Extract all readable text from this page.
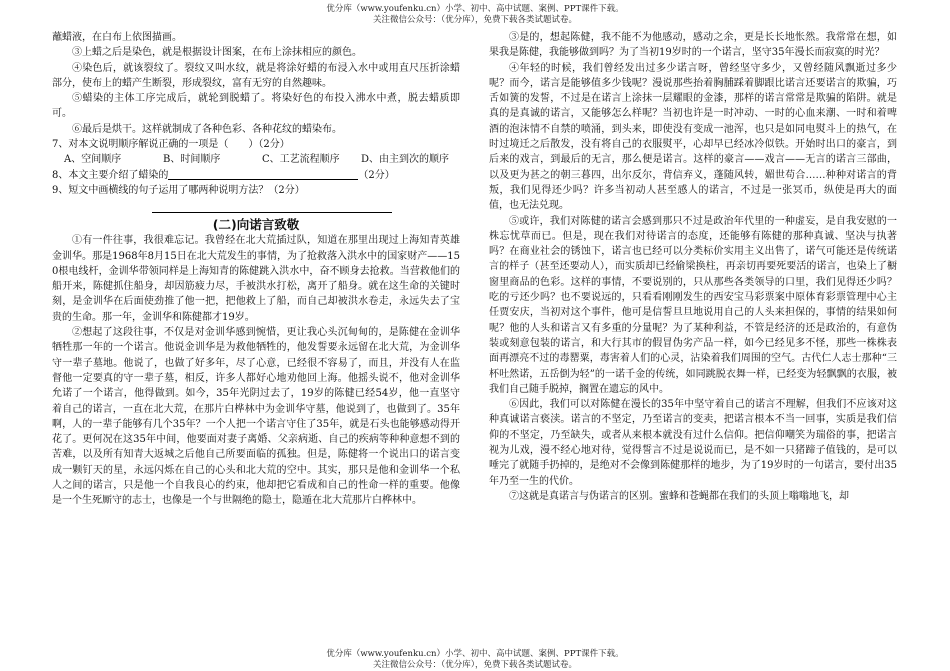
优分库（www.youfenku.cn）小学、初中、高中试题、案例、PPT课件下载。
关注微信公众号：（优分库），免费下载各类试题试卷。

蘸蜡液，在白布上依图描画。

③上蜡之后是染色，就是根据设计图案，在布上涂抹相应的颜色。

④染色后，就该裂纹了。裂纹又叫水纹，就是将涂好蜡的布浸入水中或用直尺压折涂蜡部分，使布上的蜡产生断裂，形成裂纹，富有无穷的自然趣味。

⑤蜡染的主体工序完成后，就轮到脱蜡了。将染好色的布投入沸水中煮，脱去蜡质即可。

⑥最后是烘干。这样就制成了各种色彩、各种花纹的蜡染布。

7、对本文说明顺序解说正确的一项是（　　）（2分）

A、空间顺序	B、时间顺序	C、工艺流程顺序	D、由主到次的顺序

8、本文主要介绍了蜡染的	（2分）

9、短文中画横线的句子运用了哪两种说明方法？（2分）

(二)向诺言致敬

①有一件往事，我很难忘记。我曾经在北大荒插过队，知道在那里出现过上海知青英雄金训华。那是1968年8月15日在北大荒发生的事情，为了抢救落入洪水中的国家财产——150根电线杆，金训华带领同样是上海知青的陈健跳入洪水中，奋不顾身去抢救。当营救他们的船开来，陈健抓住船身，却因筋疲力尽，手被洪水打松，离开了船身。就在这生命的关键时刻，是金训华在后面使劲推了他一把，把他救上了船，而自己却被洪水卷走，永远失去了宝贵的生命。那一年，金训华和陈健都才19岁。

②想起了这段往事，不仅是对金训华感到惋惜，更让我心头沉甸甸的，是陈健在金训华牺牲那一年的一个诺言。他说金训华是为救他牺牲的，他发誓要永远留在北大荒，为金训华守一辈子墓地。他说了，也做了好多年，尽了心意，已经很不容易了，而且，并没有人在监督他一定要真的守一辈子墓，相反，许多人都好心地劝他回上海。他摇头说不，他对金训华允诺了一个诺言，他得做到。如今，35年光阴过去了，19岁的陈健已经54岁，他一直坚守着自己的诺言，一直在北大荒，在那片白桦林中为金训华守墓，他说到了，也做到了。35年啊，人的一辈子能够有几个35年？一个人把一个诺言守住了35年，就是石头也能够感动得开花了。更何况在这35年中间，他要面对妻子离婚、父亲病逝、自己的疾病等种种意想不到的苦难，以及所有知青大返城之后他自己所要面临的孤独。但是，陈健将一个说出口的诺言变成一颗钉天的星，永远闪烁在自己的心头和北大荒的空中。其实，那只是他和金训华一个私人之间的诺言，只是他一个自我良心的约束，他却把它看成和自己的性命一样的重要。他像是一个生死厮守的志士，也像是一个与世隔绝的隐士，隐遁在北大荒那片白桦林中。

③是的，想起陈健，我不能不为他感动，感动之余，更是长长地怅然。我常常在想，如果我是陈健，我能够做到吗？为了当初19岁时的一个诺言，坚守35年漫长而寂寞的时光？

④年轻的时候，我们曾经发出过多少诺言呀，曾经坚守多少，又曾经随风飘逝过多少呢？而今，诺言是能够值多少钱呢？漫说那些抬着胸脯踩着脚跟比诺言还要诺言的欺骗，巧舌如簧的发誓，不过是在诺言上涂抹一层耀眼的金漆，那样的诺言常常是欺骗的陷阱。就是真的是真诚的诺言，又能够怎么样呢？当初也许是一时冲动、一时的心血来潮、一时和着啤酒的泡沫情不自禁的喷涌，到头来，即使没有变成一池浑，也只是如同电熨斗上的热气，在时过境迁之后散发，没有将自己的衣服熨平，心却早已经冰冷似铁。开始时出口的豪言，到后来的戏言，到最后的无言，那么便是诺言。这样的豪言——戏言——无言的诺言三部曲，以及更为甚之的朝三暮四，出尔反尔，背信弃义，蓬随风转，媚世苟合……种种对诺言的背叛，我们见得还少吗？许多当初动人甚至感人的诺言，不过是一张冥币，纵使是再大的面值，也无法兑现。

⑤或许，我们对陈健的诺言会感到那只不过是政治年代里的一种虚妄，是自我安慰的一株忘忧草而已。但是，现在我们对待诺言的态度，还能够有陈健的那种真诚、坚决与执著吗？在商业社会的锈蚀下，诺言也已经可以分类标价实用主义出售了，诺气可能还是传统诺言的样子（甚至还要动人），而实质却已经偷梁换柱，再亲切再要死要活的诺言，也染上了橱窗里商品的色彩。这样的事情，不要说别的，只从那些各类领导的口里，我们见得还少吗？吃的亏还少吗？也不要说远的，只看看刚刚发生的西安宝马彩票案中原体育彩票管理中心主任贾安庆，当初对这个事件，他可是信誓旦旦地说用自己的人头来担保的，事情的结果如何呢？他的人头和诺言又有多重的分量呢？为了某种利益，不管是经济的还是政治的，有意伪装或刻意包装的诺言，和大行其市的假冒伪劣产品一样，如今已经见多不怪，那些一株株表面再漂亮不过的毒罂粟，毒害着人们的心灵，沾染着我们周围的空气。古代仁人志士那种“三杯吐然诺，五岳倒为轻”的一诺千金的传统，如同跳脱衣舞一样，已经变为轻飘飘的衣服，被我们自己随手脱掉，搁置在遗忘的风中。

⑥因此，我们可以对陈健在漫长的35年中坚守着自己的诺言不理解，但我们不应该对这种真诚诺言亵渎。诺言的不坚定，乃至诺言的变卖，把诺言根本不当一回事，实质是我们信仰的不坚定，乃至缺失，或者从来根本就没有过什么信仰。把信仰嘲笑为瑞俗的事，把诺言视为儿戏，漫不经心地对待，觉得誓言不过是说说而已，是不如一只猪蹄子值钱的，是可以唾完了就随手扔掉的，是绝对不会像到陈健那样的地步，为了19岁时的一句诺言，要付出35年乃至一生的代价。

⑦这就是真诺言与伪诺言的区别。蜜蜂和苍蝇都在我们的头顶上嗡嗡地飞，却

优分库（www.youfenku.cn）小学、初中、高中试题、案例、PPT课件下载。
关注微信公众号：（优分库），免费下载各类试题试卷。
